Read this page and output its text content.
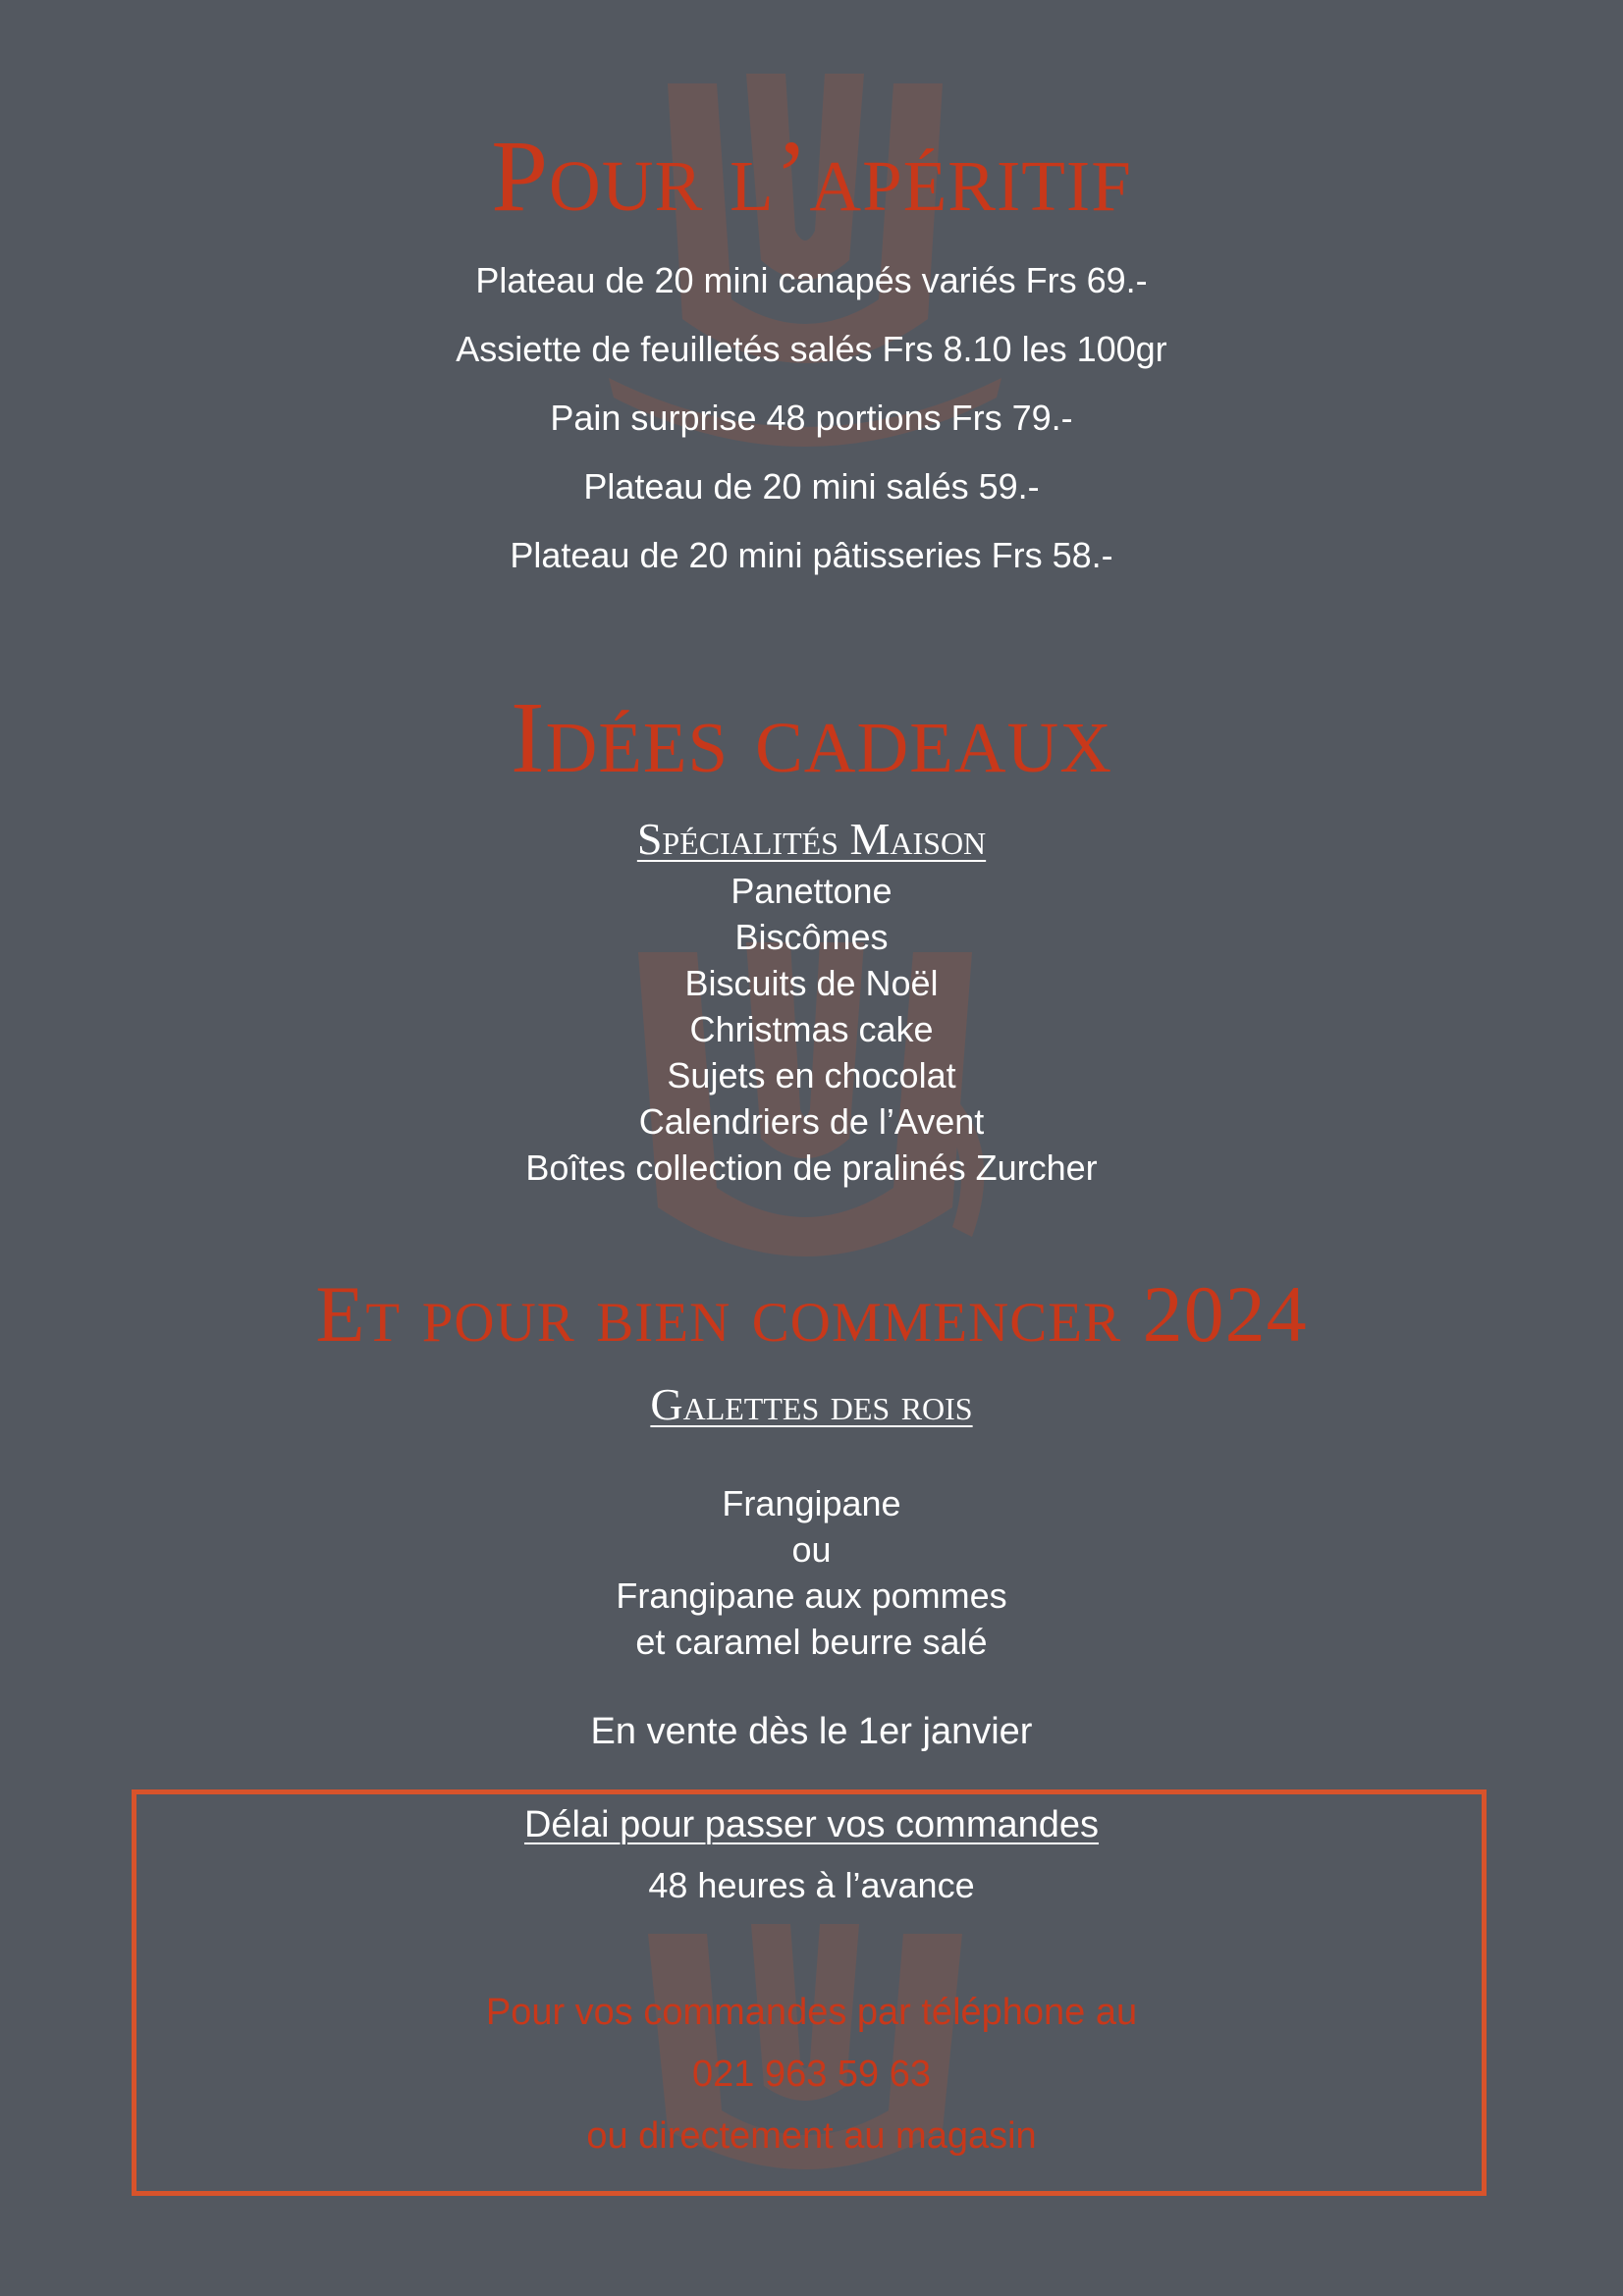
Pour l’apéritif
Plateau de 20 mini canapés variés Frs 69.-
Assiette de feuilletés salés Frs 8.10 les 100gr
Pain surprise 48 portions Frs 79.-
Plateau de 20 mini salés 59.-
Plateau de 20 mini pâtisseries Frs 58.-
Idées cadeaux
Spécialités Maison
Panettone
Biscômes
Biscuits de Noël
Christmas cake
Sujets en chocolat
Calendriers de l’Avent
Boîtes collection de pralinés Zurcher
Et pour bien commencer 2024
Galettes des rois
Frangipane
ou
Frangipane aux pommes
et caramel beurre salé
En vente dès le 1er janvier
Délai pour passer vos commandes
48 heures à l’avance
Pour vos commandes par téléphone au
021 963 59 63
ou directement au magasin
